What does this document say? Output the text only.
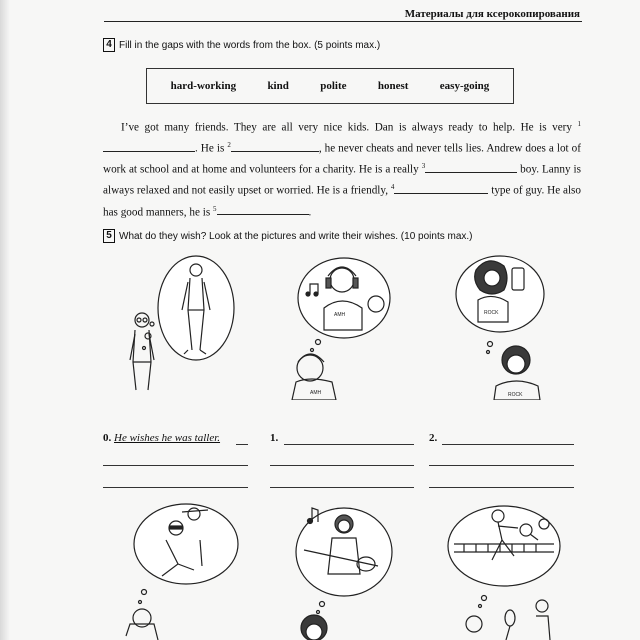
Материалы для ксерокопирования
4 Fill in the gaps with the words from the box. (5 points max.)
hard-working	kind	polite	honest	easy-going

I’ve got many friends. They are all very nice kids. Dan is always ready to help. He is very $^1$. He is $^2$	, he never cheats and never tells lies. Andrew does a lot of work at school and at home and volunteers for a charity. He is a really $^3$	boy. Lanny is always relaxed and not easily upset or worried. He is a friendly, $^4$	type of guy. He also has good manners, he is $^5$	.

5 What do they wish? Look at the pictures and write their wishes. (10 points max.)
AMH
AMH
ROCK
ROCK
0. He wishes he was taller.	1.	2.
